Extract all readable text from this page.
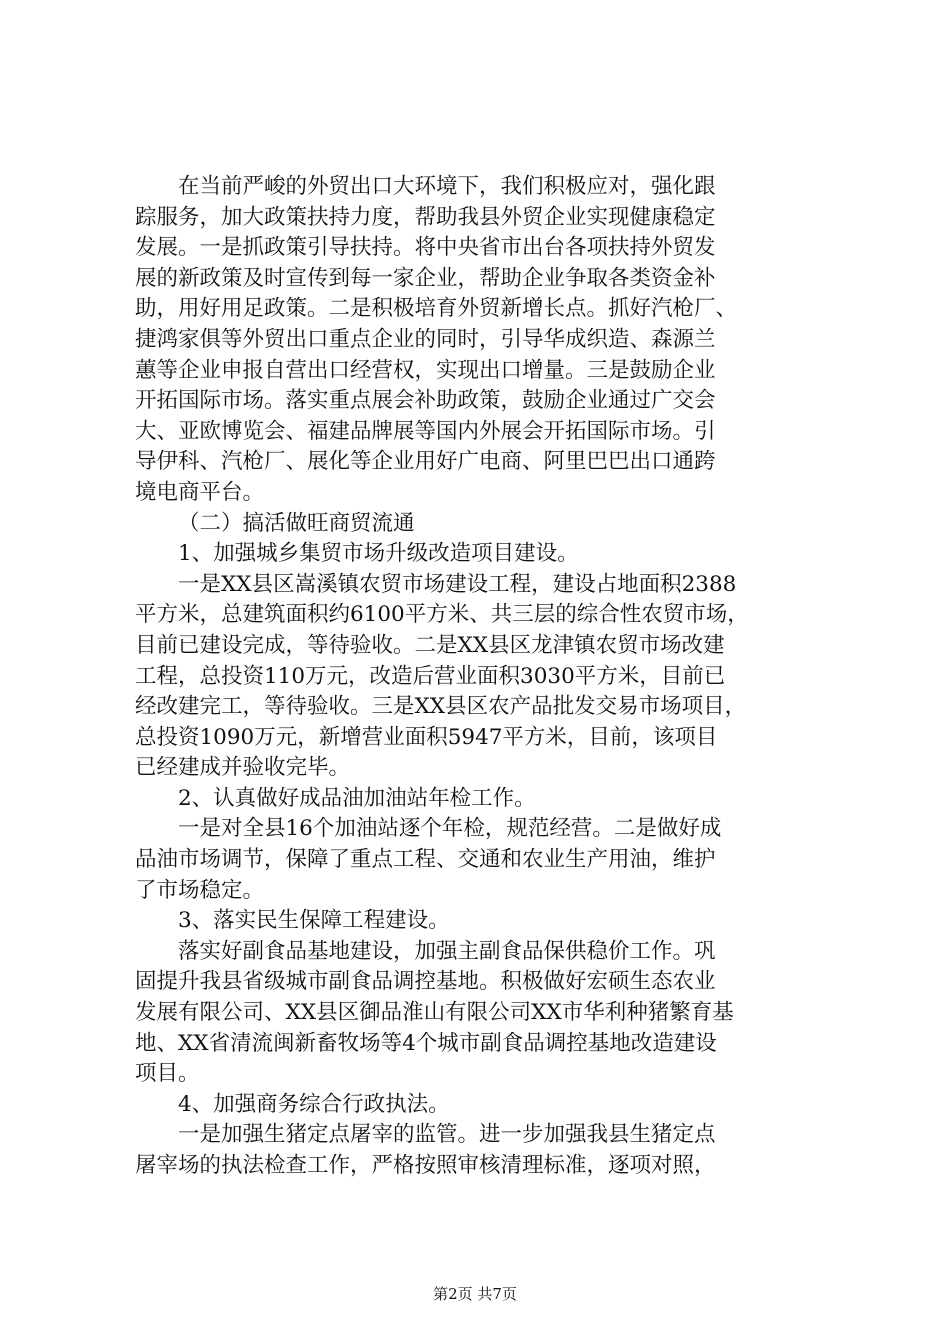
在当前严峻的外贸出口大环境下，我们积极应对，强化跟
踪服务，加大政策扶持力度，帮助我县外贸企业实现健康稳定
发展。一是抓政策引导扶持。将中央省市出台各项扶持外贸发
展的新政策及时宣传到每一家企业，帮助企业争取各类资金补
助，用好用足政策。二是积极培育外贸新增长点。抓好汽枪厂、
捷鸿家俱等外贸出口重点企业的同时，引导华成织造、森源兰
蕙等企业申报自营出口经营权，实现出口增量。三是鼓励企业
开拓国际市场。落实重点展会补助政策，鼓励企业通过广交会
大、亚欧博览会、福建品牌展等国内外展会开拓国际市场。引
导伊科、汽枪厂、展化等企业用好广电商、阿里巴巴出口通跨
境电商平台。
（二）搞活做旺商贸流通
1、加强城乡集贸市场升级改造项目建设。
一是XX县区嵩溪镇农贸市场建设工程，建设占地面积2388
平方米，总建筑面积约6100平方米、共三层的综合性农贸市场，
目前已建设完成，等待验收。二是XX县区龙津镇农贸市场改建
工程，总投资110万元，改造后营业面积3030平方米，目前已
经改建完工，等待验收。三是XX县区农产品批发交易市场项目，
总投资1090万元，新增营业面积5947平方米，目前，该项目
已经建成并验收完毕。
2、认真做好成品油加油站年检工作。
一是对全县16个加油站逐个年检，规范经营。二是做好成
品油市场调节，保障了重点工程、交通和农业生产用油，维护
了市场稳定。
3、落实民生保障工程建设。
落实好副食品基地建设，加强主副食品保供稳价工作。巩
固提升我县省级城市副食品调控基地。积极做好宏硕生态农业
发展有限公司、XX县区御品淮山有限公司XX市华利种猪繁育基
地、XX省清流闽新畜牧场等4个城市副食品调控基地改造建设
项目。
4、加强商务综合行政执法。
一是加强生猪定点屠宰的监管。进一步加强我县生猪定点
屠宰场的执法检查工作，严格按照审核清理标准，逐项对照，
第2页 共7页
